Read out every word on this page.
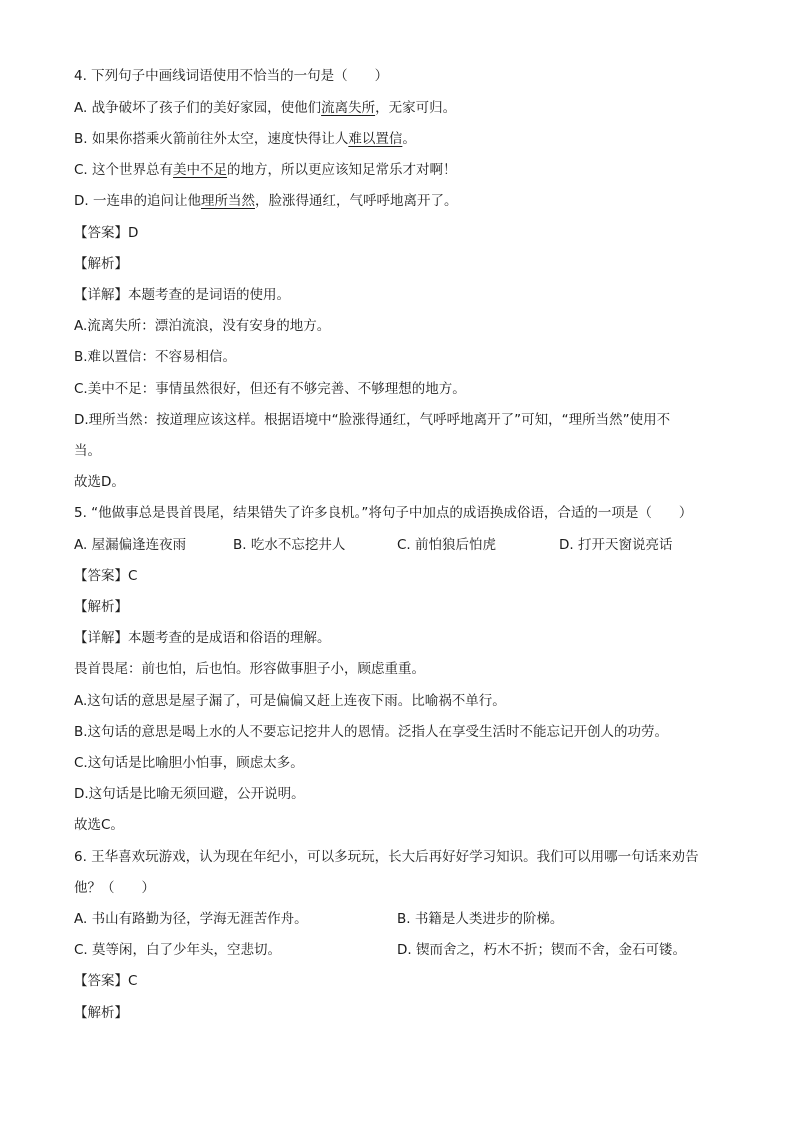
4. 下列句子中画线词语使用不恰当的一句是（　　）
A. 战争破坏了孩子们的美好家园，使他们流离失所，无家可归。
B. 如果你搭乘火箭前往外太空，速度快得让人难以置信。
C. 这个世界总有美中不足的地方，所以更应该知足常乐才对啊！
D. 一连串的追问让他理所当然，脸涨得通红，气呼呼地离开了。
【答案】D
【解析】
【详解】本题考查的是词语的使用。
A.流离失所：漂泊流浪，没有安身的地方。
B.难以置信：不容易相信。
C.美中不足：事情虽然很好，但还有不够完善、不够理想的地方。
D.理所当然：按道理应该这样。根据语境中“脸涨得通红，气呼呼地离开了”可知，“理所当然”使用不
当。
故选D。
5. “他做事总是畏首畏尾，结果错失了许多良机。”将句子中加点的成语换成俗语，合适的一项是（　　）
A. 屋漏偏逢连夜雨	B. 吃水不忘挖井人	C. 前怕狼后怕虎	D. 打开天窗说亮话
【答案】C
【解析】
【详解】本题考查的是成语和俗语的理解。
畏首畏尾：前也怕，后也怕。形容做事胆子小，顾虑重重。
A.这句话的意思是屋子漏了，可是偏偏又赶上连夜下雨。比喻祸不单行。
B.这句话的意思是喝上水的人不要忘记挖井人的恩情。泛指人在享受生活时不能忘记开创人的功劳。
C.这句话是比喻胆小怕事，顾虑太多。
D.这句话是比喻无须回避，公开说明。
故选C。
6. 王华喜欢玩游戏，认为现在年纪小，可以多玩玩，长大后再好好学习知识。我们可以用哪一句话来劝告
他？（　　）
A. 书山有路勤为径，学海无涯苦作舟。	B. 书籍是人类进步的阶梯。
C. 莫等闲，白了少年头，空悲切。	D. 锲而舍之，朽木不折；锲而不舍，金石可镂。
【答案】C
【解析】
